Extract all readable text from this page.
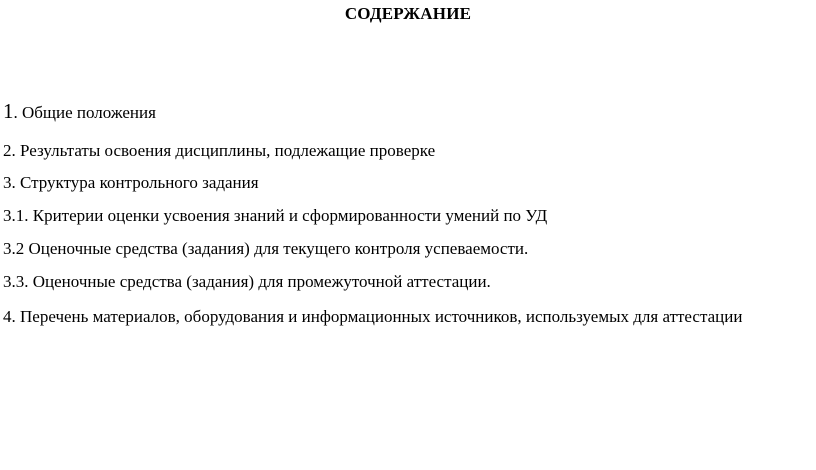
СОДЕРЖАНИЕ
1. Общие положения
2. Результаты освоения дисциплины, подлежащие проверке
3. Структура контрольного задания
3.1. Критерии оценки усвоения знаний и сформированности умений по УД
3.2 Оценочные средства (задания) для текущего контроля успеваемости.
3.3. Оценочные средства (задания) для промежуточной аттестации.
4. Перечень материалов, оборудования и информационных источников, используемых для аттестации
